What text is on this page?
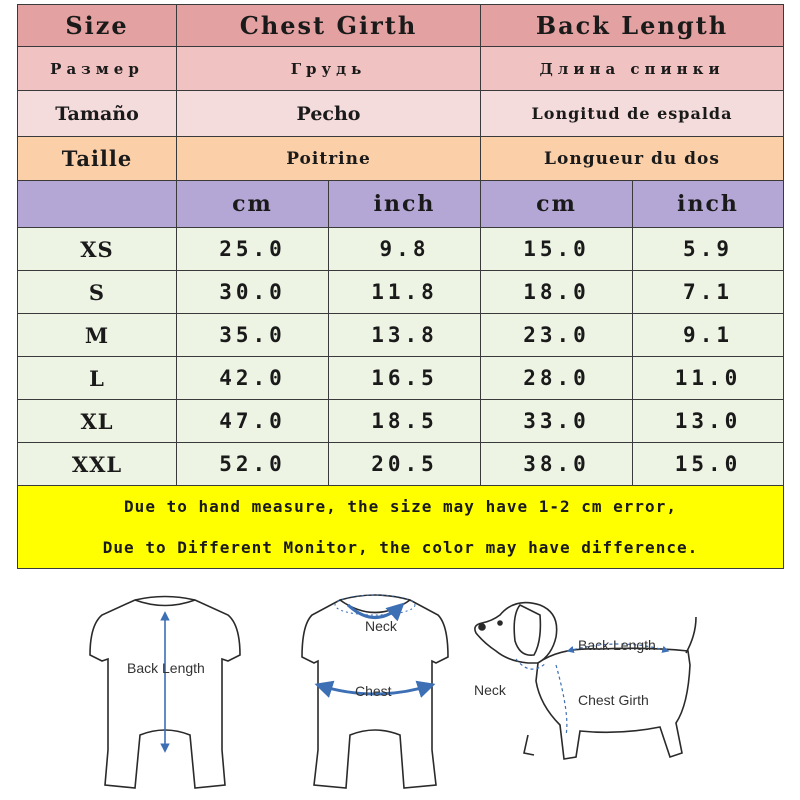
Size	Chest Girth		Back Length	
Размер	Грудь		Длина спинки	
Tamaño	Pecho		Longitud de espalda	
Taille	Poitrine		Longueur du dos	
	cm	inch	cm	inch
XS	25.0	9.8	15.0	5.9
S	30.0	11.8	18.0	7.1
M	35.0	13.8	23.0	9.1
L	42.0	16.5	28.0	11.0
XL	47.0	18.5	33.0	13.0
XXL	52.0	20.5	38.0	15.0

Due to hand measure, the size may have 1-2 cm error,
Due to Different Monitor, the color may have difference.				
Back Length
Neck
Chest
Back Length
Neck
Chest Girth
